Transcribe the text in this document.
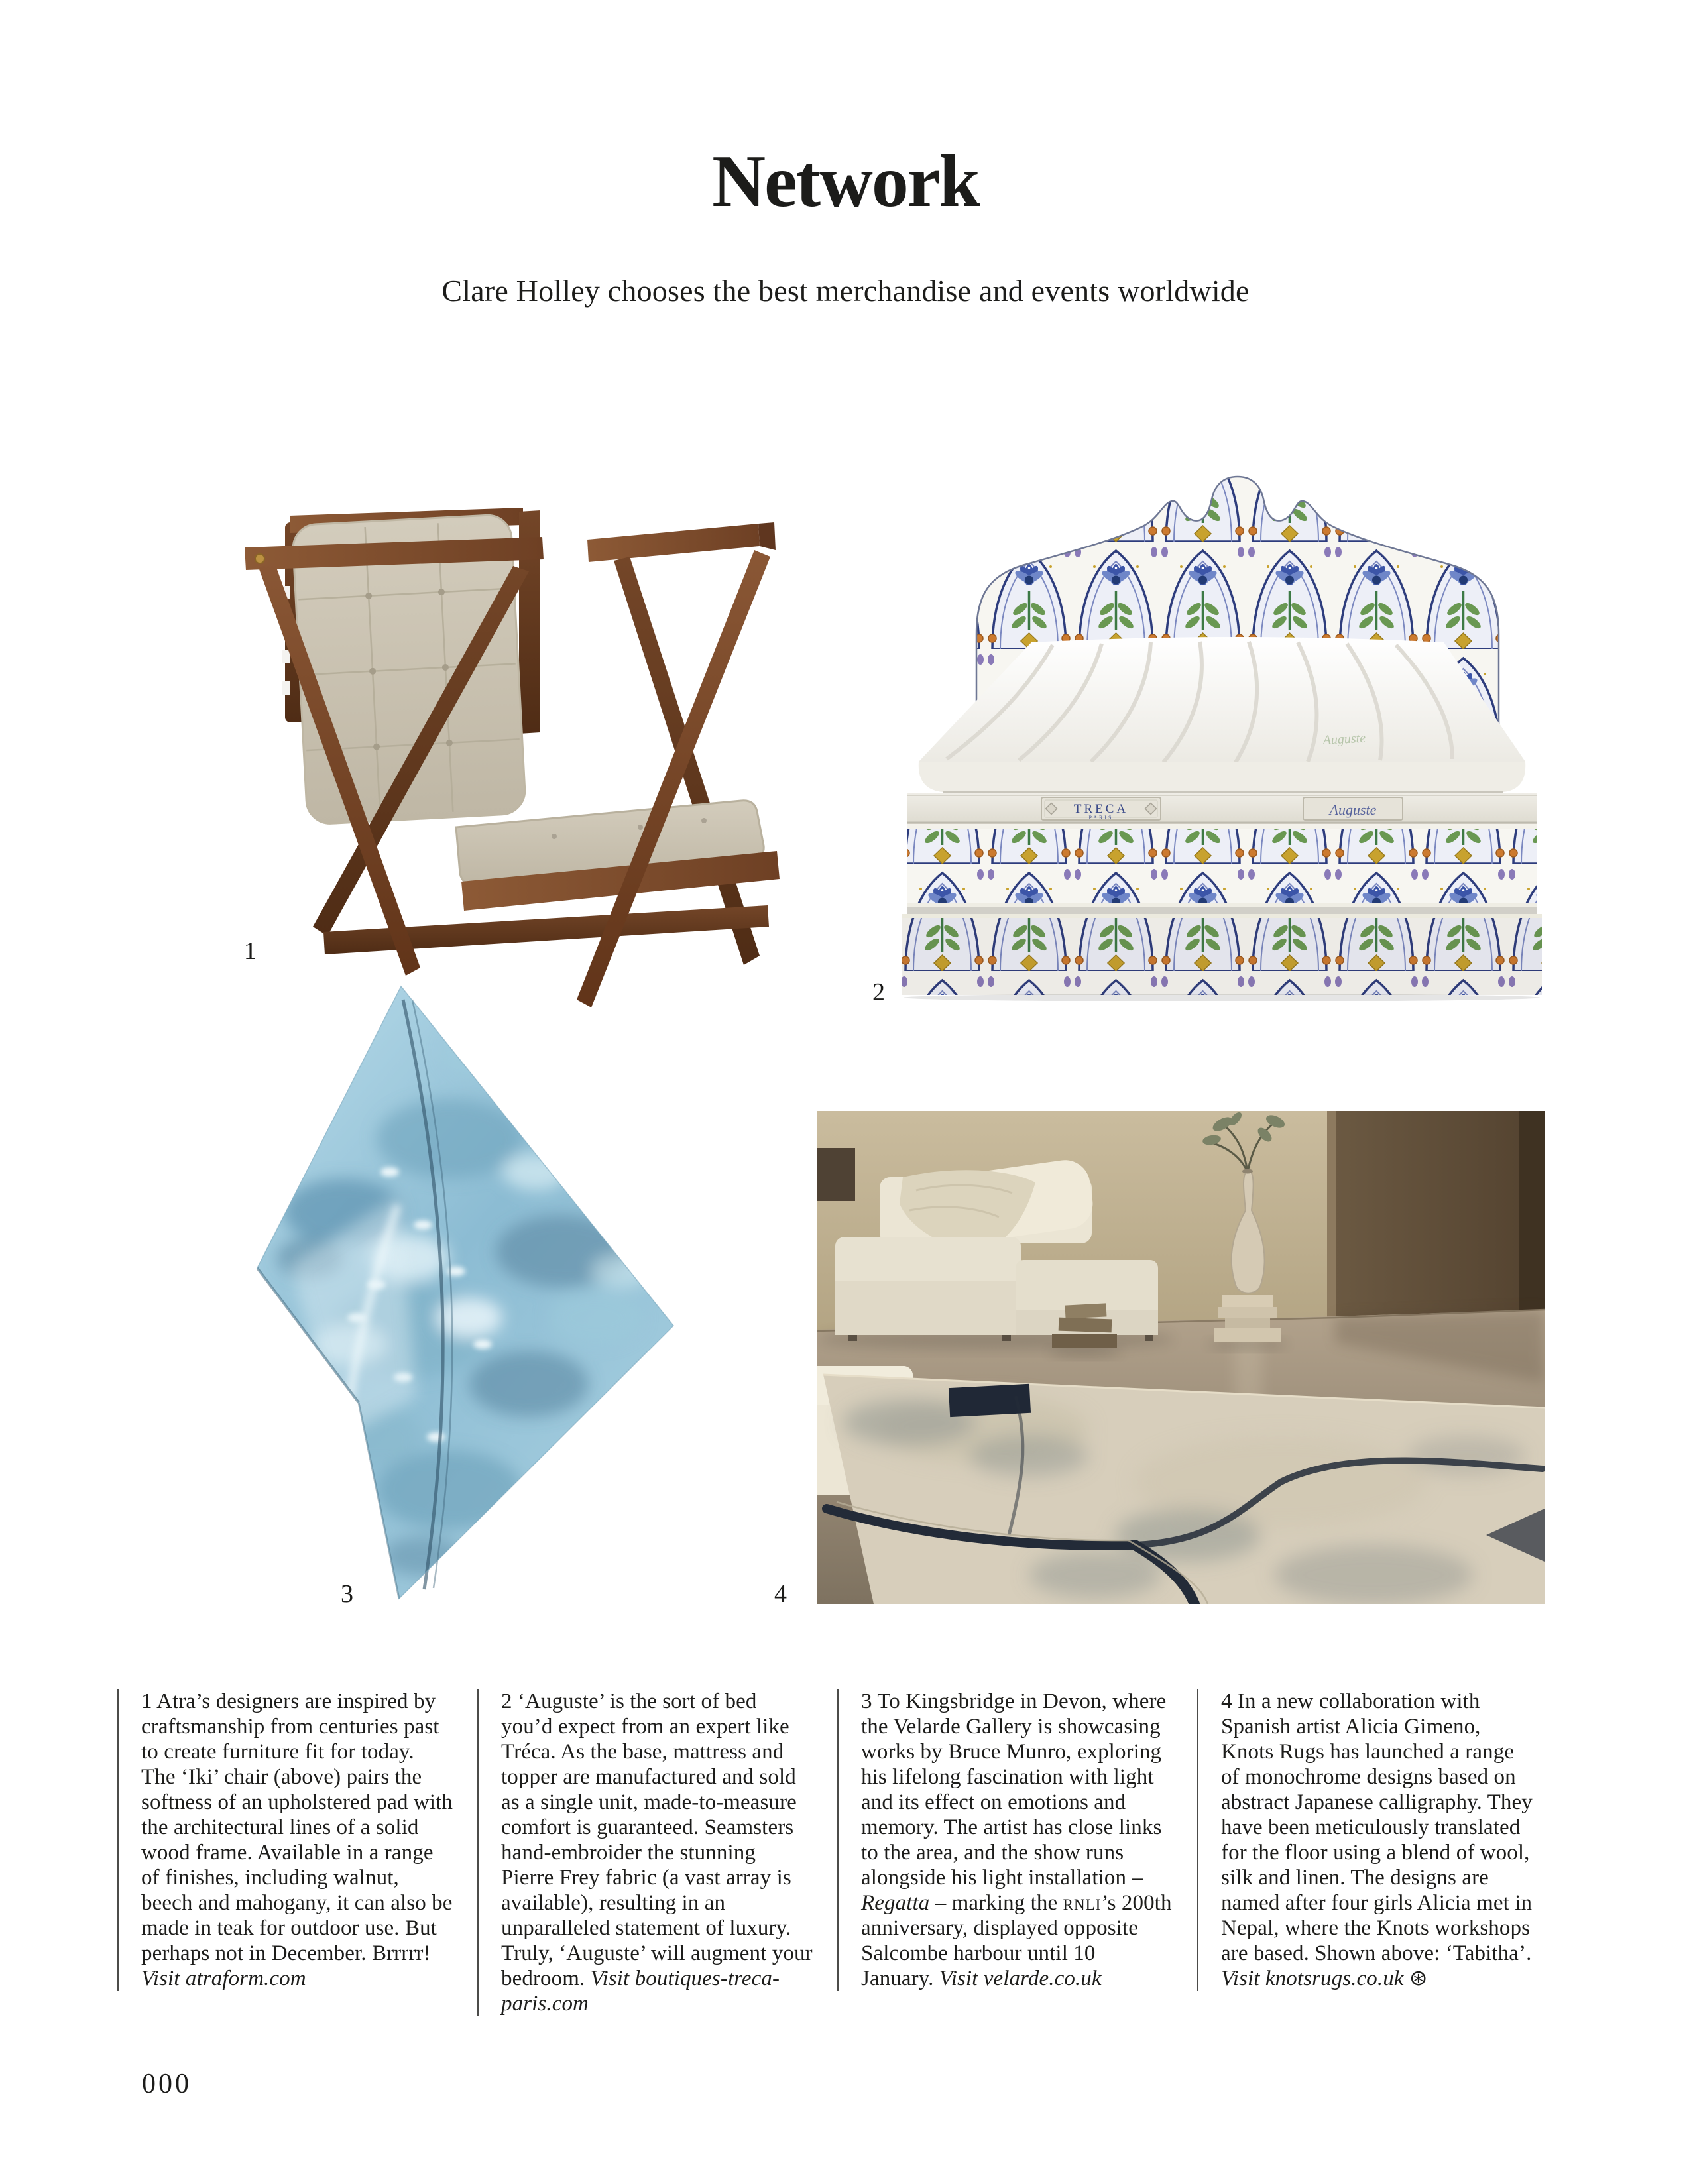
Network
Clare Holley chooses the best merchandise and events worldwide
1
Auguste
TRECA
PARIS	Auguste
2
3	4
1 Atra’s designers are inspired by craftsmanship from centuries past to create furniture fit for today. The ‘Iki’ chair (above) pairs the softness of an upholstered pad with the architectural lines of a solid wood frame. Available in a range of finishes, including walnut, beech and mahogany, it can also be made in teak for outdoor use. But perhaps not in December. Brrrrr! Visit atraform.com
2 ‘Auguste’ is the sort of bed you’d expect from an expert like Tréca. As the base, mattress and topper are manufactured and sold as a single unit, made-to-measure comfort is guaranteed. Seamsters hand-embroider the stunning Pierre Frey fabric (a vast array is available), resulting in an unparalleled statement of luxury. Truly, ‘Auguste’ will augment your bedroom. Visit boutiques-treca-paris.com
3 To Kingsbridge in Devon, where the Velarde Gallery is showcasing works by Bruce Munro, exploring his lifelong fascination with light and its effect on emotions and memory. The artist has close links to the area, and the show runs alongside his light installation – Regatta – marking the rnli’s 200th anniversary, displayed opposite Salcombe harbour until 10 January. Visit velarde.co.uk
4 In a new collaboration with Spanish artist Alicia Gimeno, Knots Rugs has launched a range of monochrome designs based on abstract Japanese calligraphy. They have been meticulously translated for the floor using a blend of wool, silk and linen. The designs are named after four girls Alicia met in Nepal, where the Knots workshops are based. Shown above: ‘Tabitha’. Visit knotsrugs.co.uk ⊛
000
